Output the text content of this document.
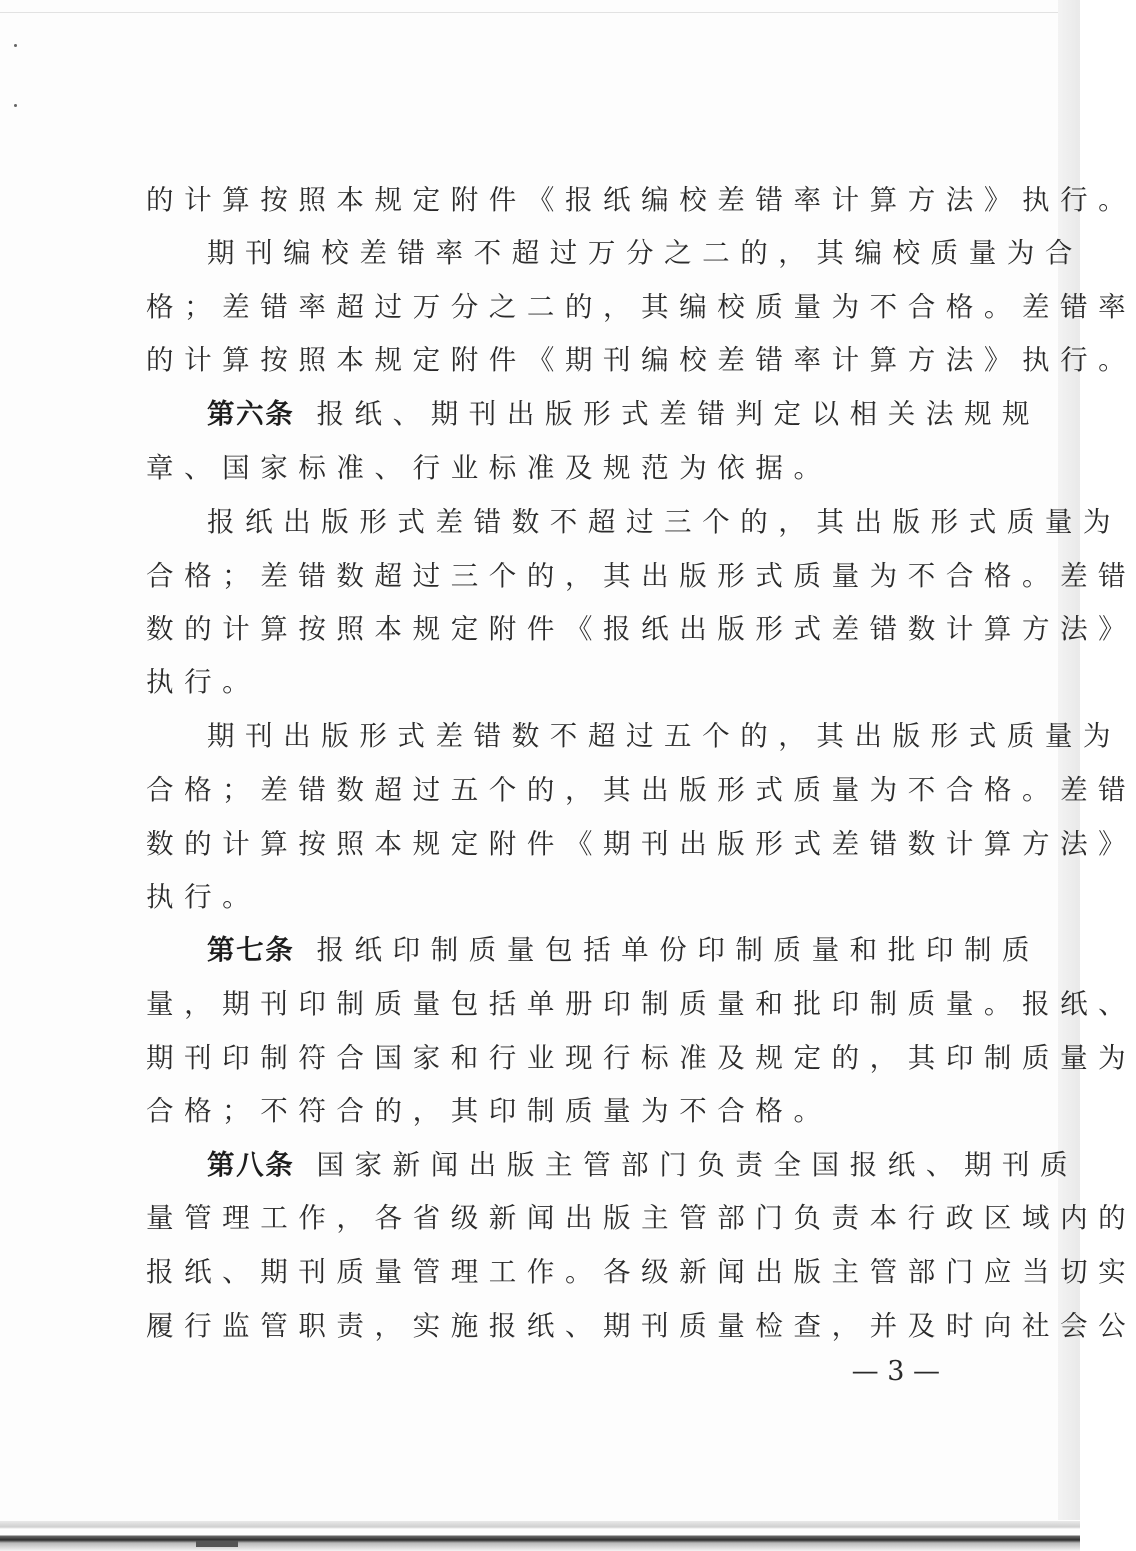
的计算按照本规定附件《报纸编校差错率计算方法》执行。
期刊编校差错率不超过万分之二的，其编校质量为合
格；差错率超过万分之二的，其编校质量为不合格。差错率
的计算按照本规定附件《期刊编校差错率计算方法》执行。
第六条 报纸、期刊出版形式差错判定以相关法规规
章、国家标准、行业标准及规范为依据。
报纸出版形式差错数不超过三个的，其出版形式质量为
合格；差错数超过三个的，其出版形式质量为不合格。差错
数的计算按照本规定附件《报纸出版形式差错数计算方法》
执行。
期刊出版形式差错数不超过五个的，其出版形式质量为
合格；差错数超过五个的，其出版形式质量为不合格。差错
数的计算按照本规定附件《期刊出版形式差错数计算方法》
执行。
第七条 报纸印制质量包括单份印制质量和批印制质
量，期刊印制质量包括单册印制质量和批印制质量。报纸、
期刊印制符合国家和行业现行标准及规定的，其印制质量为
合格；不符合的，其印制质量为不合格。
第八条 国家新闻出版主管部门负责全国报纸、期刊质
量管理工作，各省级新闻出版主管部门负责本行政区域内的
报纸、期刊质量管理工作。各级新闻出版主管部门应当切实
履行监管职责，实施报纸、期刊质量检查，并及时向社会公
— 3 —
